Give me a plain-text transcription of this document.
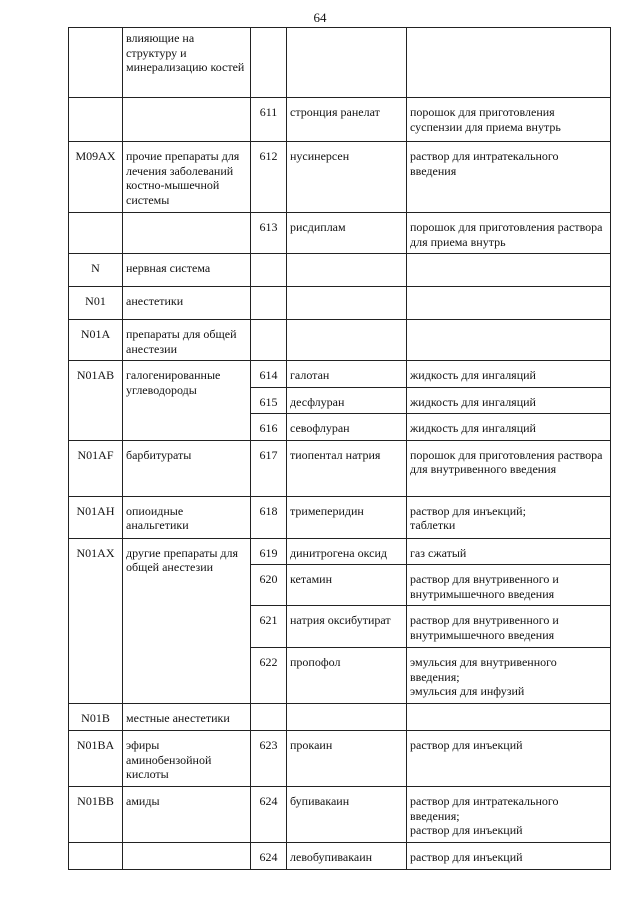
64
	влияющие на структуру и минерализацию костей			
		611	стронция ранелат	порошок для приготовления суспензии для приема внутрь

M09AX	прочие препараты для лечения заболеваний костно-мышечной системы	612	нусинерсен	раствор для интратекального введения

		613	рисдиплам	порошок для приготовления раствора для приема внутрь

N	нервная система			
N01	анестетики			
N01A	препараты для общей анестезии			
N01AB	галогенированные углеводороды	614	галотан	жидкость для ингаляций

		615	десфлуран	жидкость для ингаляций

		616	севофлуран	жидкость для ингаляций

N01AF	барбитураты	617	тиопентал натрия	порошок для приготовления раствора для внутривенного введения

N01AH	опиоидные анальгетики	618	тримеперидин	раствор для инъекций;
таблетки

N01AX	другие препараты для общей анестезии	619	динитрогена оксид	газ сжатый

		620	кетамин	раствор для внутривенного и внутримышечного введения

		621	натрия оксибутират	раствор для внутривенного и внутримышечного введения

		622	пропофол	эмульсия для внутривенного введения;
эмульсия для инфузий

N01B	местные анестетики			
N01BA	эфиры аминобензойной кислоты	623	прокаин	раствор для инъекций

N01BB	амиды	624	бупивакаин	раствор для интратекального введения;
раствор для инъекций

		624	левобупивакаин	раствор для инъекций
